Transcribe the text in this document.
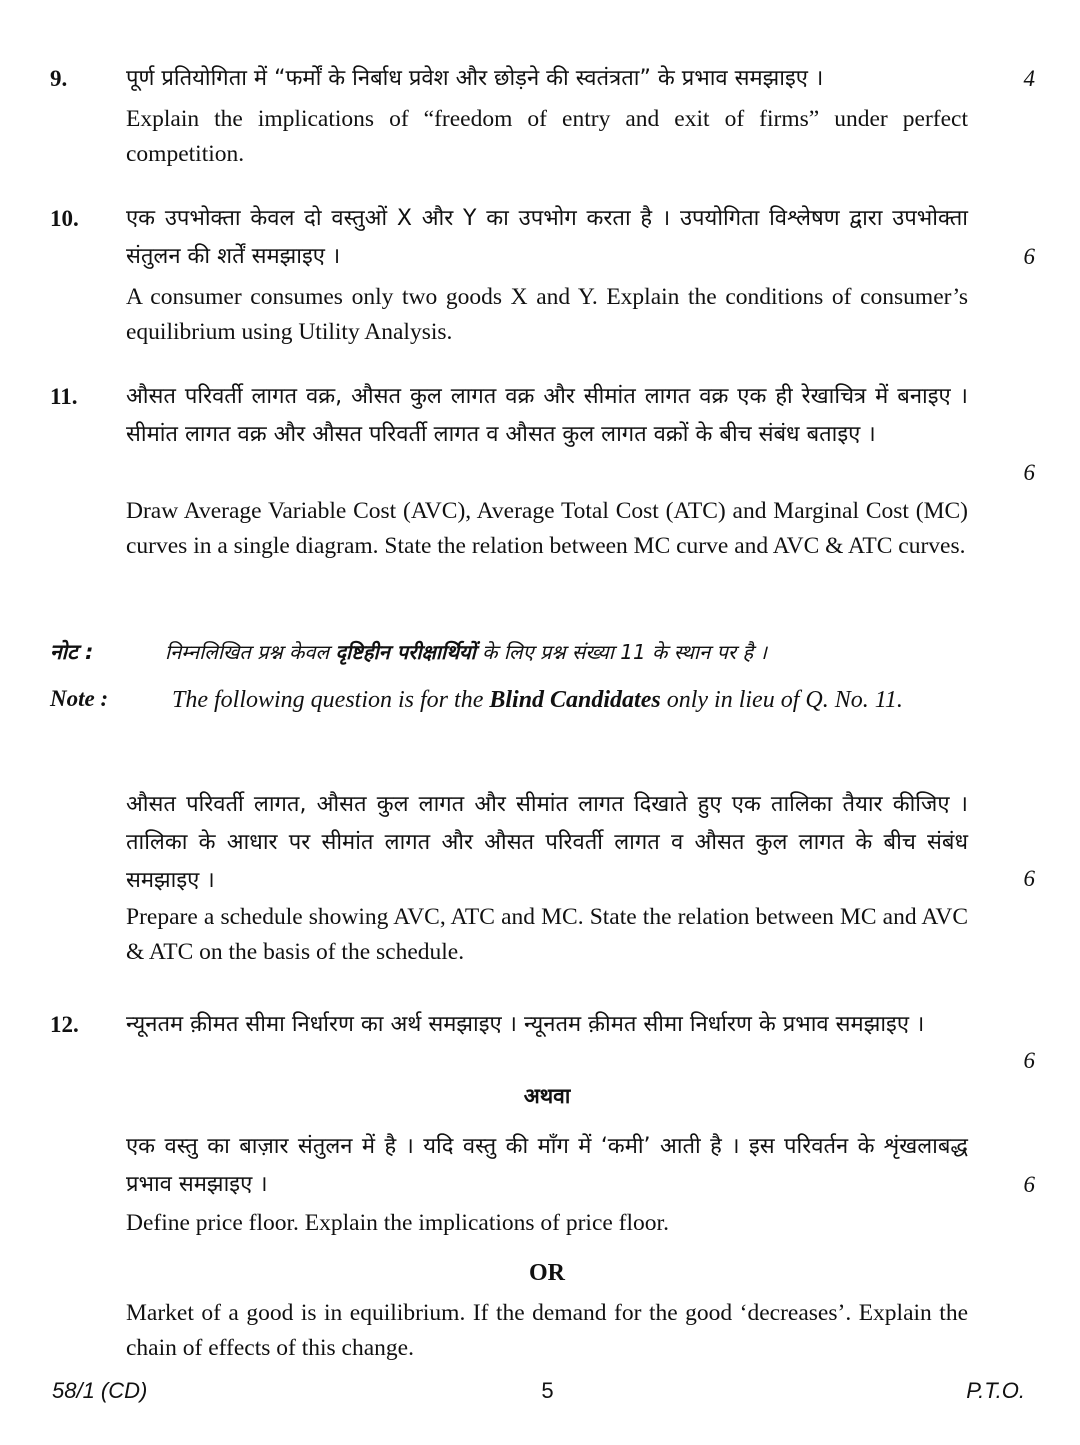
9.	पूर्ण प्रतियोगिता में “फर्मों के निर्बाध प्रवेश और छोड़ने की स्वतंत्रता” के प्रभाव समझाइए ।	4
Explain the implications of “freedom of entry and exit of firms” under perfect competition.
10. एक उपभोक्ता केवल दो वस्तुओं X और Y का उपभोग करता है । उपयोगिता विश्लेषण द्वारा उपभोक्ता संतुलन की शर्तें समझाइए ।	6
A consumer consumes only two goods X and Y. Explain the conditions of consumer’s equilibrium using Utility Analysis.
11. औसत परिवर्ती लागत वक्र, औसत कुल लागत वक्र और सीमांत लागत वक्र एक ही रेखाचित्र में बनाइए । सीमांत लागत वक्र और औसत परिवर्ती लागत व औसत कुल लागत वक्रों के बीच संबंध बताइए ।
6
Draw Average Variable Cost (AVC), Average Total Cost (ATC) and Marginal Cost (MC) curves in a single diagram. State the relation between MC curve and AVC & ATC curves.
नोट :	निम्नलिखित प्रश्न केवल दृष्टिहीन परीक्षार्थियों के लिए प्रश्न संख्या 11 के स्थान पर है ।
Note :	The following question is for the Blind Candidates only in lieu of Q. No. 11.
औसत परिवर्ती लागत, औसत कुल लागत और सीमांत लागत दिखाते हुए एक तालिका तैयार कीजिए । तालिका के आधार पर सीमांत लागत और औसत परिवर्ती लागत व औसत कुल लागत के बीच संबंध समझाइए ।	6
Prepare a schedule showing AVC, ATC and MC. State the relation between MC and AVC & ATC on the basis of the schedule.
12. न्यूनतम क़ीमत सीमा निर्धारण का अर्थ समझाइए । न्यूनतम क़ीमत सीमा निर्धारण के प्रभाव समझाइए ।
6
अथवा
एक वस्तु का बाज़ार संतुलन में है । यदि वस्तु की माँग में ‘कमी’ आती है । इस परिवर्तन के शृंखलाबद्ध प्रभाव समझाइए ।	6
Define price floor. Explain the implications of price floor.
OR
Market of a good is in equilibrium. If the demand for the good ‘decreases’. Explain the chain of effects of this change.
58/1 (CD)	5	P.T.O.
